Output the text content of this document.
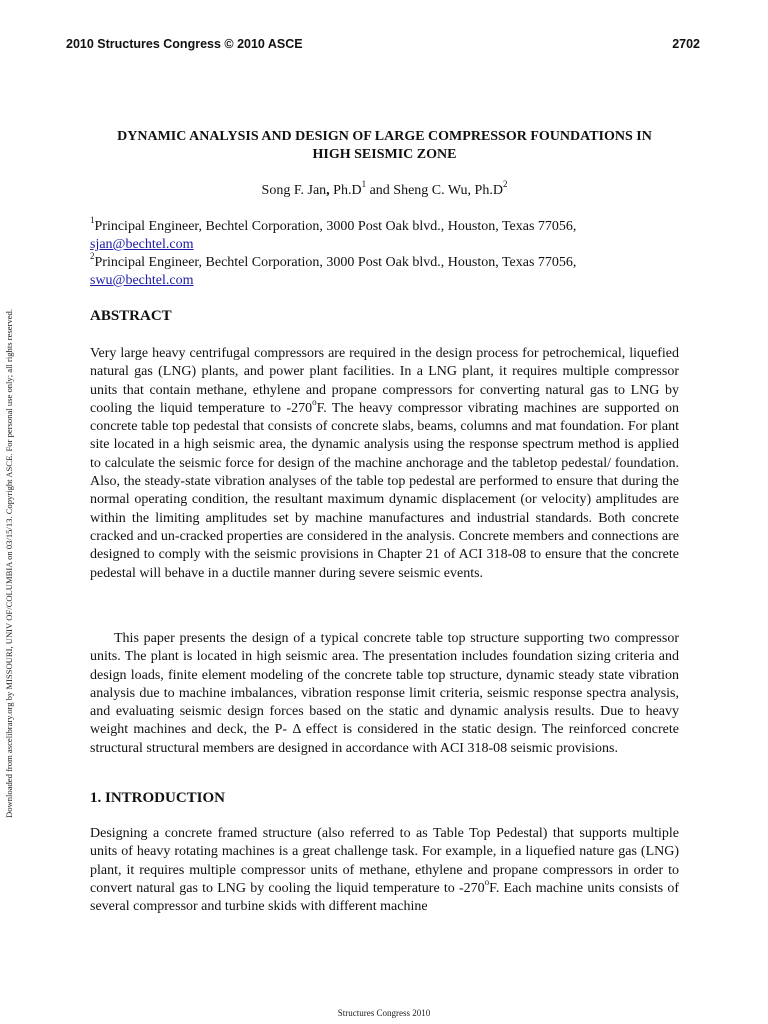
2010 Structures Congress © 2010 ASCE	2702
Downloaded from ascelibrary.org by MISSOURI, UNIV OF/COLUMBIA on 03/15/13. Copyright ASCE. For personal use only; all rights reserved.
DYNAMIC ANALYSIS AND DESIGN OF LARGE COMPRESSOR FOUNDATIONS IN
HIGH SEISMIC ZONE
Song F. Jan, $Ph.D^1$ and Sheng C. Wu, $Ph.D^2$
$^1$Principal Engineer, Bechtel Corporation, 3000 Post Oak blvd., Houston, Texas 77056,
sjan@bechtel.com
$^2$Principal Engineer, Bechtel Corporation, 3000 Post Oak blvd., Houston, Texas 77056,
swu@bechtel.com
ABSTRACT

Very large heavy centrifugal compressors are required in the design process for petrochemical, liquefied natural gas (LNG) plants, and power plant facilities. In a LNG plant, it requires multiple compressor units that contain methane, ethylene and propane compressors for converting natural gas to LNG by cooling the liquid temperature to -270$^o$F. The heavy compressor vibrating machines are supported on concrete table top pedestal that consists of concrete slabs, beams, columns and mat foundation. For plant site located in a high seismic area, the dynamic analysis using the response spectrum method is applied to calculate the seismic force for design of the machine anchorage and the tabletop pedestal/ foundation. Also, the steady-state vibration analyses of the table top pedestal are performed to ensure that during the normal operating condition, the resultant maximum dynamic displacement (or velocity) amplitudes are within the limiting amplitudes set by machine manufactures and industrial standards. Both concrete cracked and un-cracked properties are considered in the analysis. Concrete members and connections are designed to comply with the seismic provisions in Chapter 21 of ACI 318-08 to ensure that the concrete pedestal will behave in a ductile manner during severe seismic events.

This paper presents the design of a typical concrete table top structure supporting two compressor units. The plant is located in high seismic area. The presentation includes foundation sizing criteria and design loads, finite element modeling of the concrete table top structure, dynamic steady state vibration analysis due to machine imbalances, vibration response limit criteria, seismic response spectra analysis, and evaluating seismic design forces based on the static and dynamic analysis results. Due to heavy weight machines and deck, the P- Δ effect is considered in the static design. The reinforced concrete structural structural members are designed in accordance with ACI 318-08 seismic provisions.

1. INTRODUCTION

Designing a concrete framed structure (also referred to as Table Top Pedestal) that supports multiple units of heavy rotating machines is a great challenge task. For example, in a liquefied nature gas (LNG) plant, it requires multiple compressor units of methane, ethylene and propane compressors in order to convert natural gas to LNG by cooling the liquid temperature to -270$^o$F. Each machine units consists of several compressor and turbine skids with different machine

Structures Congress 2010
